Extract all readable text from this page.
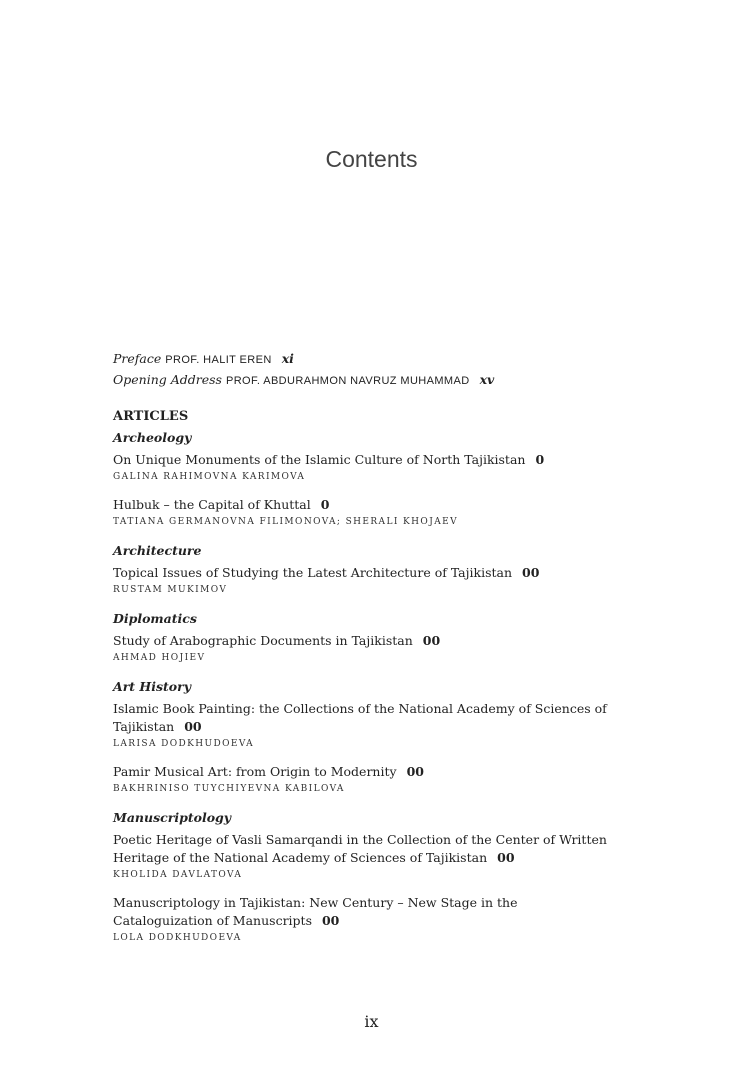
Contents
Preface PROF. HALIT EREN xi
Opening Address PROF. ABDURAHMON NAVRUZ MUHAMMAD xv
ARTICLES
Archeology
On Unique Monuments of the Islamic Culture of North Tajikistan 0
GALINA RAHIMOVNA KARIMOVA
Hulbuk – the Capital of Khuttal 0
TATIANA GERMANOVNA FILIMONOVA; SHERALI KHOJAEV
Architecture
Topical Issues of Studying the Latest Architecture of Tajikistan 00
RUSTAM MUKIMOV
Diplomatics
Study of Arabographic Documents in Tajikistan 00
AHMAD HOJIEV
Art History
Islamic Book Painting: the Collections of the National Academy of Sciences of Tajikistan 00
LARISA DODKHUDOEVA
Pamir Musical Art: from Origin to Modernity 00
BAKHRINISO TUYCHIYEVNA KABILOVA
Manuscriptology
Poetic Heritage of Vasli Samarqandi in the Collection of the Center of Written Heritage of the National Academy of Sciences of Tajikistan 00
KHOLIDA DAVLATOVA
Manuscriptology in Tajikistan: New Century – New Stage in the Cataloguization of Manuscripts 00
LOLA DODKHUDOEVA
ix
